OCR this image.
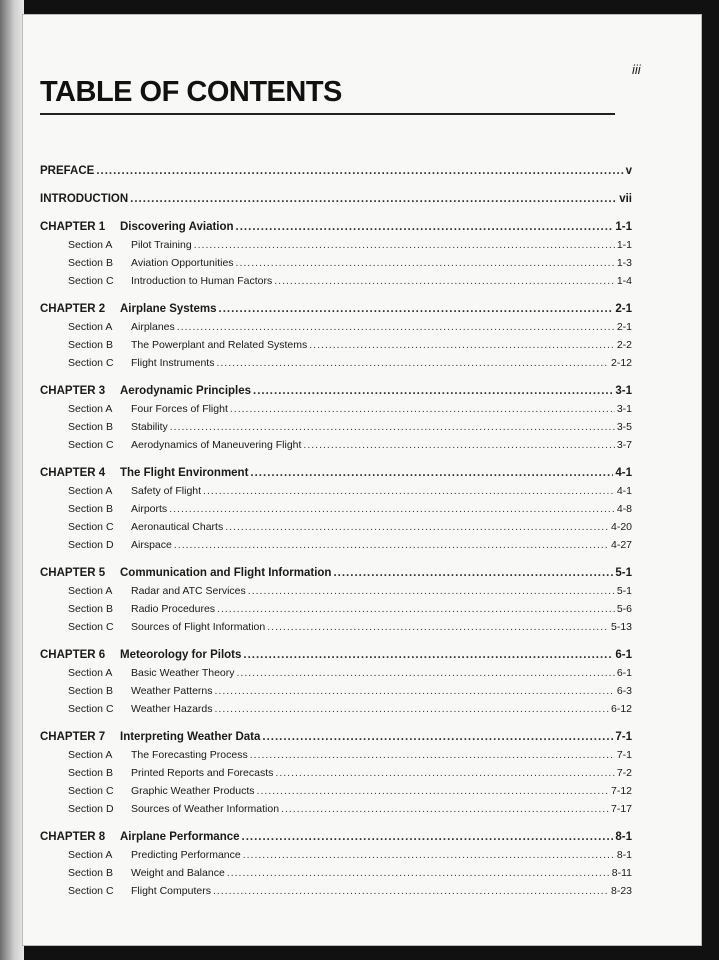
iii
TABLE OF CONTENTS
PREFACE .....	v
INTRODUCTION .....	vii
CHAPTER 1	Discovering Aviation .....	1-1
Section A	Pilot Training .....	1-1
Section B	Aviation Opportunities .....	1-3
Section C	Introduction to Human Factors .....	1-4
CHAPTER 2	Airplane Systems .....	2-1
Section A	Airplanes .....	2-1
Section B	The Powerplant and Related Systems .....	2-2
Section C	Flight Instruments .....	2-12
CHAPTER 3	Aerodynamic Principles .....	3-1
Section A	Four Forces of Flight .....	3-1
Section B	Stability .....	3-5
Section C	Aerodynamics of Maneuvering Flight .....	3-7
CHAPTER 4	The Flight Environment .....	4-1
Section A	Safety of Flight .....	4-1
Section B	Airports .....	4-8
Section C	Aeronautical Charts .....	4-20
Section D	Airspace .....	4-27
CHAPTER 5	Communication and Flight Information .....	5-1
Section A	Radar and ATC Services .....	5-1
Section B	Radio Procedures .....	5-6
Section C	Sources of Flight Information .....	5-13
CHAPTER 6	Meteorology for Pilots .....	6-1
Section A	Basic Weather Theory .....	6-1
Section B	Weather Patterns .....	6-3
Section C	Weather Hazards .....	6-12
CHAPTER 7	Interpreting Weather Data .....	7-1
Section A	The Forecasting Process .....	7-1
Section B	Printed Reports and Forecasts .....	7-2
Section C	Graphic Weather Products .....	7-12
Section D	Sources of Weather Information .....	7-17
CHAPTER 8	Airplane Performance .....	8-1
Section A	Predicting Performance .....	8-1
Section B	Weight and Balance .....	8-11
Section C	Flight Computers .....	8-23
